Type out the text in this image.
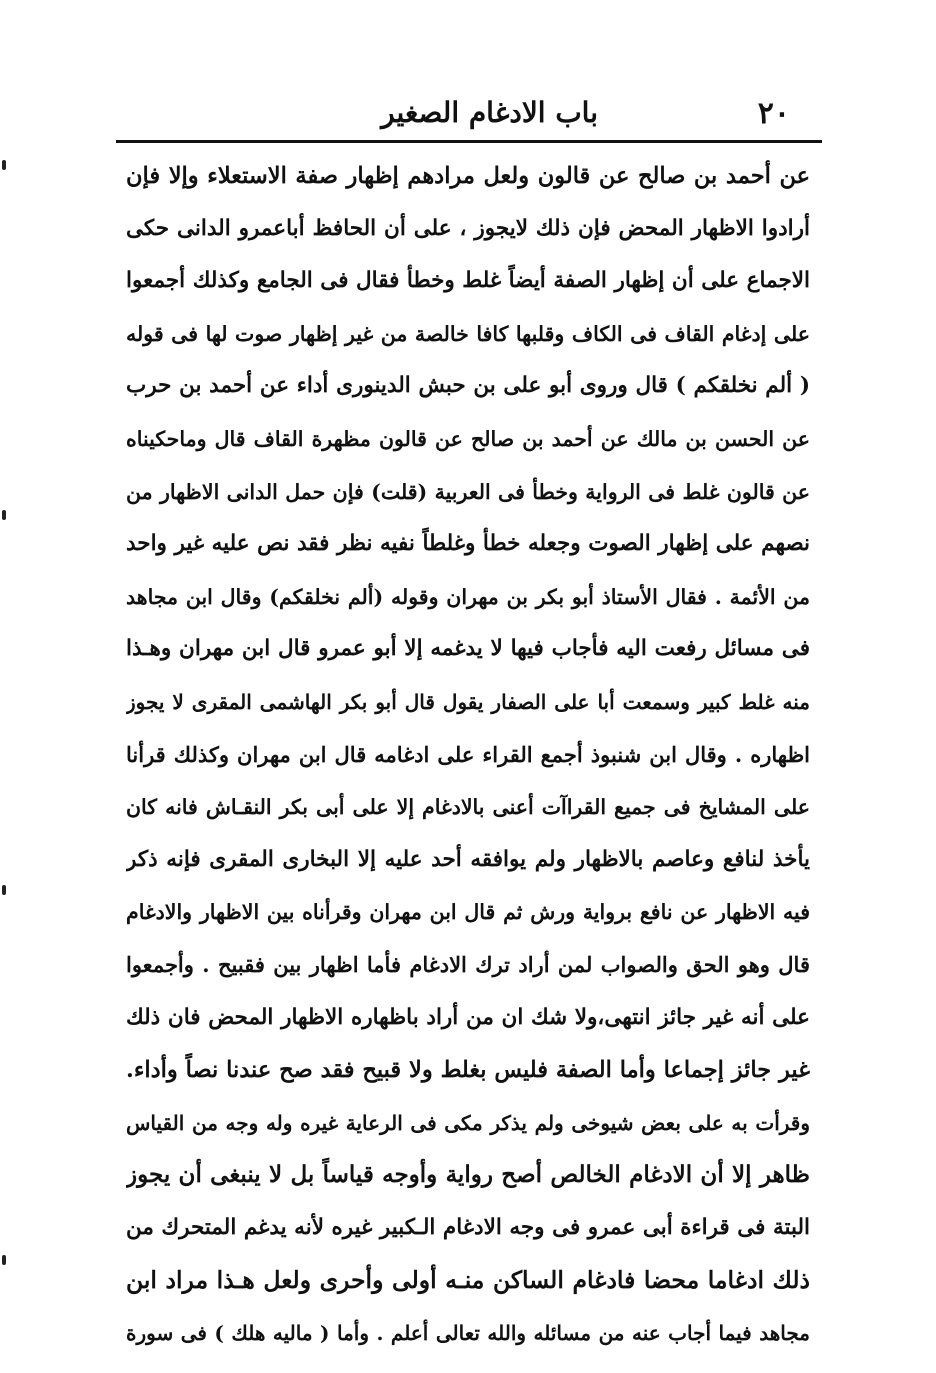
٢٠
باب الادغام الصغير
عن أحمد بن صالح عن قالون ولعل مرادهم إظهار صفة الاستعلاء وإلا فإن
أرادوا الاظهار المحض فإن ذلك لايجوز ، على أن الحافظ أباعمرو الدانى حكى
الاجماع على أن إظهار الصفة أيضاً غلط وخطأ فقال فى الجامع وكذلك أجمعوا
على إدغام القاف فى الكاف وقلبها كافا خالصة من غير إظهار صوت لها فى قوله
( ألم نخلقكم ) قال وروى أبو على بن حبش الدينورى أداء عن أحمد بن حرب
عن الحسن بن مالك عن أحمد بن صالح عن قالون مظهرة القاف قال وماحكيناه
عن قالون غلط فى الرواية وخطأ فى العربية (قلت) فإن حمل الدانى الاظهار من
نصهم على إظهار الصوت وجعله خطأ وغلطاً نفيه نظر فقد نص عليه غير واحد
من الأئمة . فقال الأستاذ أبو بكر بن مهران وقوله (ألم نخلقكم) وقال ابن مجاهد
فى مسائل رفعت اليه فأجاب فيها لا يدغمه إلا أبو عمرو قال ابن مهران وهـذا
منه غلط كبير وسمعت أبا على الصفار يقول قال أبو بكر الهاشمى المقرى لا يجوز
اظهاره . وقال ابن شنبوذ أجمع القراء على ادغامه قال ابن مهران وكذلك قرأنا
على المشايخ فى جميع القراآت أعنى بالادغام إلا على أبى بكر النقـاش فانه كان
يأخذ لنافع وعاصم بالاظهار ولم يوافقه أحد عليه إلا البخارى المقرى فإنه ذكر
فيه الاظهار عن نافع برواية ورش ثم قال ابن مهران وقرأناه بين الاظهار والادغام
قال وهو الحق والصواب لمن أراد ترك الادغام فأما اظهار بين فقبيح . وأجمعوا
على أنه غير جائز انتهى،ولا شك ان من أراد باظهاره الاظهار المحض فان ذلك
غير جائز إجماعا وأما الصفة فليس بغلط ولا قبيح فقد صح عندنا نصاً وأداء.
وقرأت به على بعض شيوخى ولم يذكر مكى فى الرعاية غيره وله وجه من القياس
ظاهر إلا أن الادغام الخالص أصح رواية وأوجه قياساً بل لا ينبغى أن يجوز
البتة فى قراءة أبى عمرو فى وجه الادغام الـكبير غيره لأنه يدغم المتحرك من
ذلك ادغاما محضا فادغام الساكن منـه أولى وأحرى ولعل هـذا مراد ابن
مجاهد فيما أجاب عنه من مسائله والله تعالى أعلم . وأما ( ماليه هلك ) فى سورة
